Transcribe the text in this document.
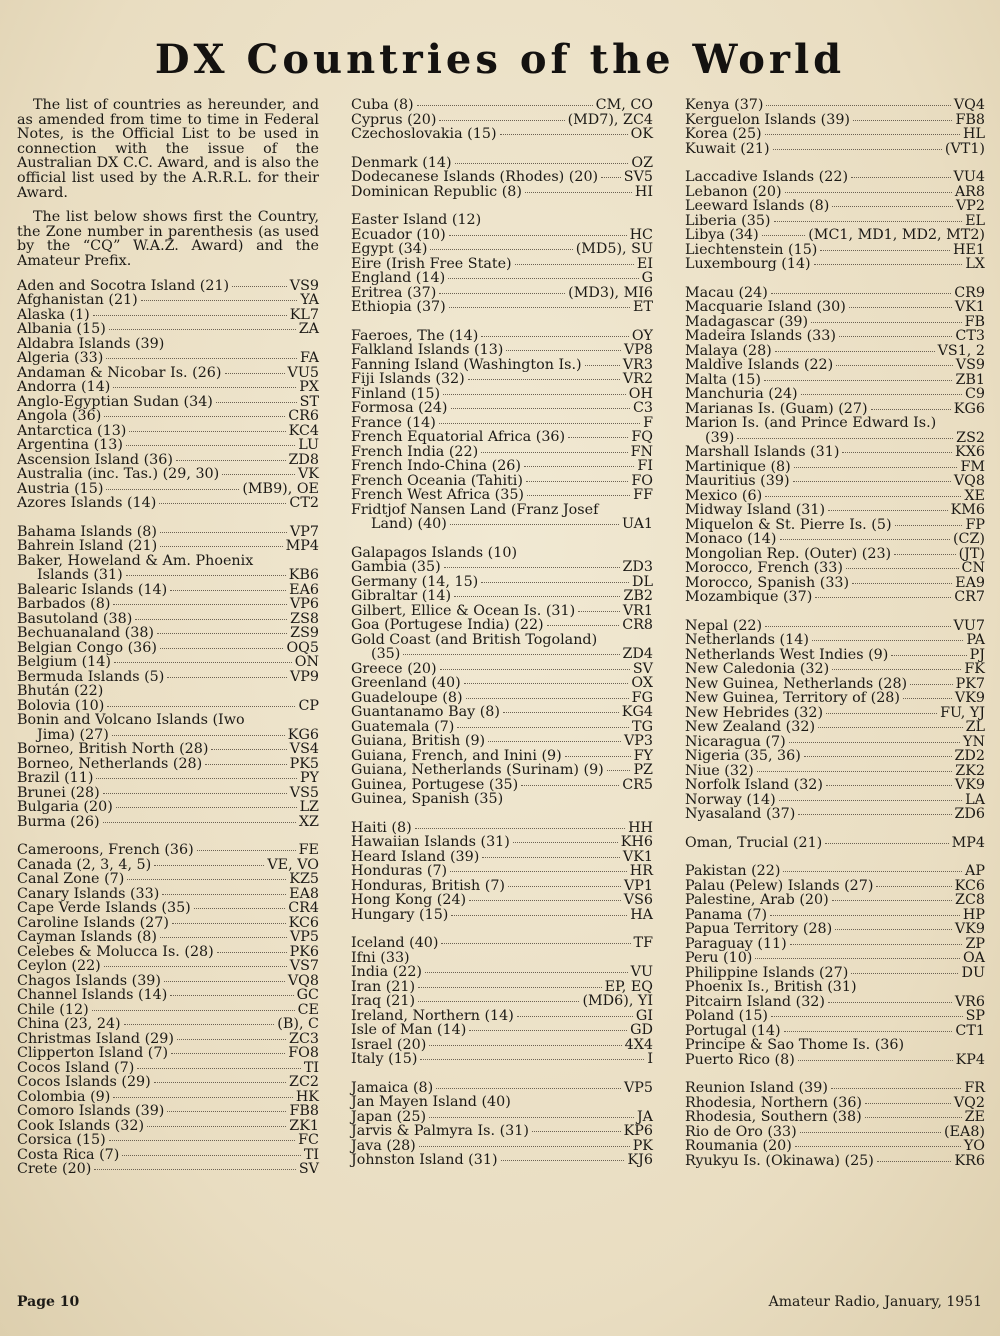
DX Countries of the World

The list of countries as hereunder, and as amended from time to time in Federal Notes, is the Official List to be used in connection with the issue of the Australian DX C.C. Award, and is also the official list used by the A.R.R.L. for their Award.

The list below shows first the Country, the Zone number in parenthesis (as used by the “CQ” W.A.Z. Award) and the Amateur Prefix.

Aden and Socotra Island (21)	VS9
Afghanistan (21)	YA
Alaska (1)	KL7
Albania (15)	ZA
Aldabra Islands (39)
Algeria (33)	FA
Andaman & Nicobar Is. (26)	VU5
Andorra (14)	PX
Anglo-Egyptian Sudan (34)	ST
Angola (36)	CR6
Antarctica (13)	KC4
Argentina (13)	LU
Ascension Island (36)	ZD8
Australia (inc. Tas.) (29, 30)	VK
Austria (15)	(MB9), OE
Azores Islands (14)	CT2
Bahama Islands (8)	VP7
Bahrein Island (21)	MP4
Baker, Howeland & Am. Phoenix
Islands (31)	KB6
Balearic Islands (14)	EA6
Barbados (8)	VP6
Basutoland (38)	ZS8
Bechuanaland (38)	ZS9
Belgian Congo (36)	OQ5
Belgium (14)	ON
Bermuda Islands (5)	VP9
Bhután (22)
Bolovia (10)	CP
Bonin and Volcano Islands (Iwo
Jima) (27)	KG6
Borneo, British North (28)	VS4
Borneo, Netherlands (28)	PK5
Brazil (11)	PY
Brunei (28)	VS5
Bulgaria (20)	LZ
Burma (26)	XZ
Cameroons, French (36)	FE
Canada (2, 3, 4, 5)	VE, VO
Canal Zone (7)	KZ5
Canary Islands (33)	EA8
Cape Verde Islands (35)	CR4
Caroline Islands (27)	KC6
Cayman Islands (8)	VP5
Celebes & Molucca Is. (28)	PK6
Ceylon (22)	VS7
Chagos Islands (39)	VQ8
Channel Islands (14)	GC
Chile (12)	CE
China (23, 24)	(B), C
Christmas Island (29)	ZC3
Clipperton Island (7)	FO8
Cocos Island (7)	TI
Cocos Islands (29)	ZC2
Colombia (9)	HK
Comoro Islands (39)	FB8
Cook Islands (32)	ZK1
Corsica (15)	FC
Costa Rica (7)	TI
Crete (20)	SV
Cuba (8)	CM, CO
Cyprus (20)	(MD7), ZC4
Czechoslovakia (15)	OK
Denmark (14)	OZ
Dodecanese Islands (Rhodes) (20) SV5
Dominican Republic (8)	HI
Easter Island (12)
Ecuador (10)	HC
Egypt (34)	(MD5), SU
Eire (Irish Free State)	EI
England (14)	G
Eritrea (37)	(MD3), MI6
Ethiopia (37)	ET
Faeroes, The (14)	OY
Falkland Islands (13)	VP8
Fanning Island (Washington Is.)	VR3
Fiji Islands (32)	VR2
Finland (15)	OH
Formosa (24)	C3
France (14)	F
French Equatorial Africa (36)	FQ
French India (22)	FN
French Indo-China (26)	FI
French Oceania (Tahiti)	FO
French West Africa (35)	FF
Fridtjof Nansen Land (Franz Josef
Land) (40)	UA1
Galapagos Islands (10)
Gambia (35)	ZD3
Germany (14, 15)	DL
Gibraltar (14)	ZB2
Gilbert, Ellice & Ocean Is. (31)	VR1
Goa (Portugese India) (22)	CR8
Gold Coast (and British Togoland)
(35)	ZD4
Greece (20)	SV
Greenland (40)	OX
Guadeloupe (8)	FG
Guantanamo Bay (8)	KG4
Guatemala (7)	TG
Guiana, British (9)	VP3
Guiana, French, and Inini (9)	FY
Guiana, Netherlands (Surinam) (9) PZ
Guinea, Portugese (35)	CR5
Guinea, Spanish (35)
Haiti (8)	HH
Hawaiian Islands (31)	KH6
Heard Island (39)	VK1
Honduras (7)	HR
Honduras, British (7)	VP1
Hong Kong (24)	VS6
Hungary (15)	HA
Iceland (40)	TF
Ifni (33)
India (22)	VU
Iran (21)	EP, EQ
Iraq (21)	(MD6), YI
Ireland, Northern (14)	GI
Isle of Man (14)	GD
Israel (20)	4X4
Italy (15)	I
Jamaica (8)	VP5
Jan Mayen Island (40)
Japan (25)	JA
Jarvis & Palmyra Is. (31)	KP6
Java (28)	PK
Johnston Island (31)	KJ6
Kenya (37)	VQ4
Kerguelon Islands (39)	FB8
Korea (25)	HL
Kuwait (21)	(VT1)
Laccadive Islands (22)	VU4
Lebanon (20)	AR8
Leeward Islands (8)	VP2
Liberia (35)	EL
Libya (34)	(MC1, MD1, MD2, MT2)
Liechtenstein (15)	HE1
Luxembourg (14)	LX
Macau (24)	CR9
Macquarie Island (30)	VK1
Madagascar (39)	FB
Madeira Islands (33)	CT3
Malaya (28)	VS1, 2
Maldive Islands (22)	VS9
Malta (15)	ZB1
Manchuria (24)	C9
Marianas Is. (Guam) (27)	KG6
Marion Is. (and Prince Edward Is.)
(39)	ZS2
Marshall Islands (31)	KX6
Martinique (8)	FM
Mauritius (39)	VQ8
Mexico (6)	XE
Midway Island (31)	KM6
Miquelon & St. Pierre Is. (5)	FP
Monaco (14)	(CZ)
Mongolian Rep. (Outer) (23)	(JT)
Morocco, French (33)	CN
Morocco, Spanish (33)	EA9
Mozambique (37)	CR7
Nepal (22)	VU7
Netherlands (14)	PA
Netherlands West Indies (9)	PJ
New Caledonia (32)	FK
New Guinea, Netherlands (28)	PK7
New Guinea, Territory of (28)	VK9
New Hebrides (32)	FU, YJ
New Zealand (32)	ZL
Nicaragua (7)	YN
Nigeria (35, 36)	ZD2
Niue (32)	ZK2
Norfolk Island (32)	VK9
Norway (14)	LA
Nyasaland (37)	ZD6
Oman, Trucial (21)	MP4
Pakistan (22)	AP
Palau (Pelew) Islands (27)	KC6
Palestine, Arab (20)	ZC8
Panama (7)	HP
Papua Territory (28)	VK9
Paraguay (11)	ZP
Peru (10)	OA
Philippine Islands (27)	DU
Phoenix Is., British (31)
Pitcairn Island (32)	VR6
Poland (15)	SP
Portugal (14)	CT1
Principe & Sao Thome Is. (36)
Puerto Rico (8)	KP4
Reunion Island (39)	FR
Rhodesia, Northern (36)	VQ2
Rhodesia, Southern (38)	ZE
Rio de Oro (33)	(EA8)
Roumania (20)	YO
Ryukyu Is. (Okinawa) (25)	KR6
Page 10	Amateur Radio, January, 1951
